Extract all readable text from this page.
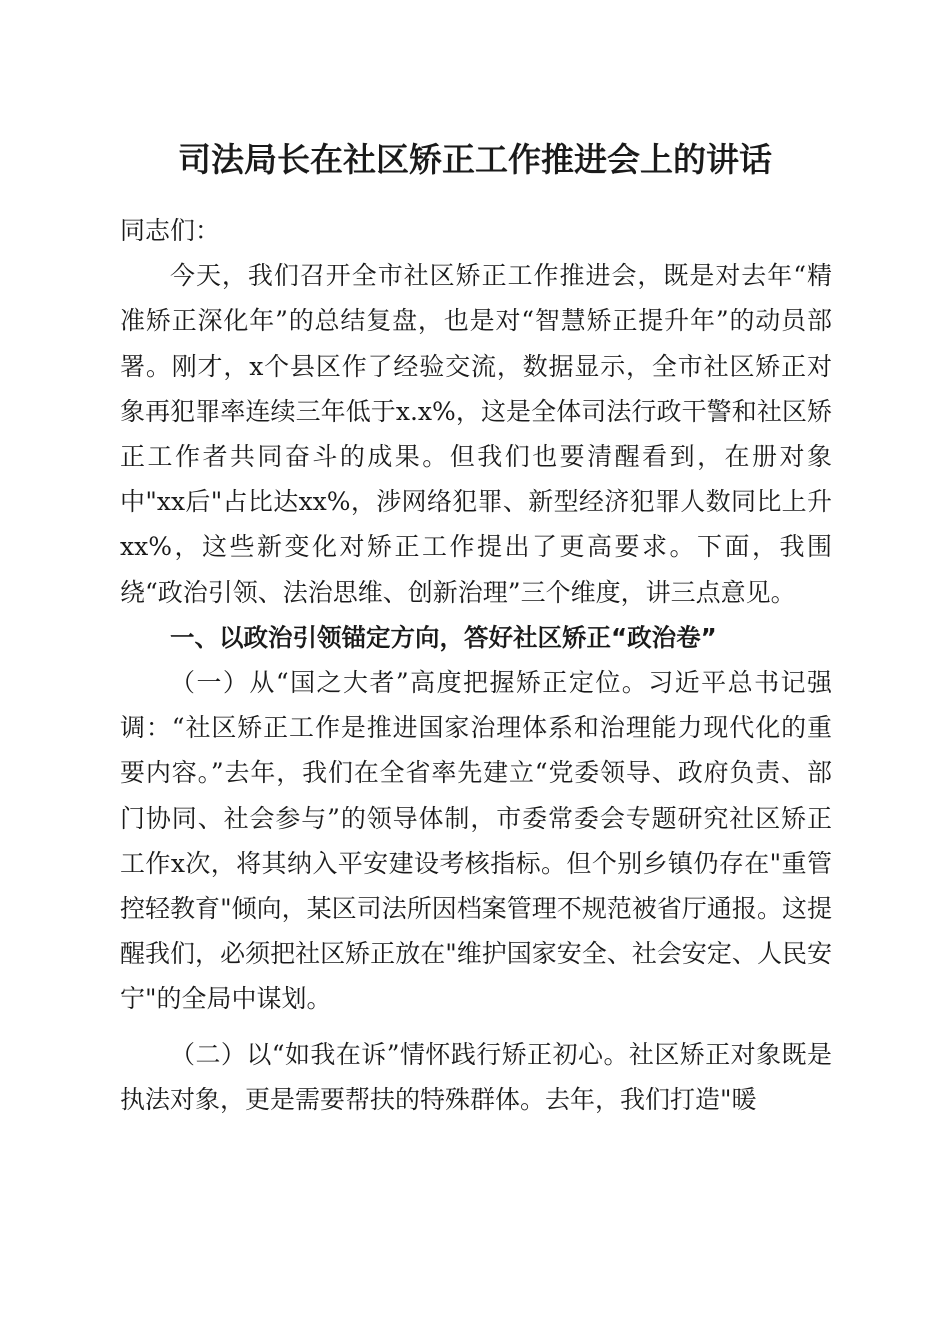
司法局长在社区矫正工作推进会上的讲话

同志们：

今天，我们召开全市社区矫正工作推进会，既是对去年“精准矫正深化年”的总结复盘，也是对“智慧矫正提升年”的动员部署。刚才，x个县区作了经验交流，数据显示，全市社区矫正对象再犯罪率连续三年低于x.x%，这是全体司法行政干警和社区矫正工作者共同奋斗的成果。但我们也要清醒看到，在册对象中"xx后"占比达xx%，涉网络犯罪、新型经济犯罪人数同比上升xx%，这些新变化对矫正工作提出了更高要求。下面，我围绕“政治引领、法治思维、创新治理”三个维度，讲三点意见。

一、以政治引领锚定方向，答好社区矫正“政治卷”

（一）从“国之大者”高度把握矫正定位。习近平总书记强调：“社区矫正工作是推进国家治理体系和治理能力现代化的重要内容。”去年，我们在全省率先建立“党委领导、政府负责、部门协同、社会参与”的领导体制，市委常委会专题研究社区矫正工作x次，将其纳入平安建设考核指标。但个别乡镇仍存在"重管控轻教育"倾向，某区司法所因档案管理不规范被省厅通报。这提醒我们，必须把社区矫正放在"维护国家安全、社会安定、人民安宁"的全局中谋划。

（二）以“如我在诉”情怀践行矫正初心。社区矫正对象既是执法对象，更是需要帮扶的特殊群体。去年，我们打造"暖
